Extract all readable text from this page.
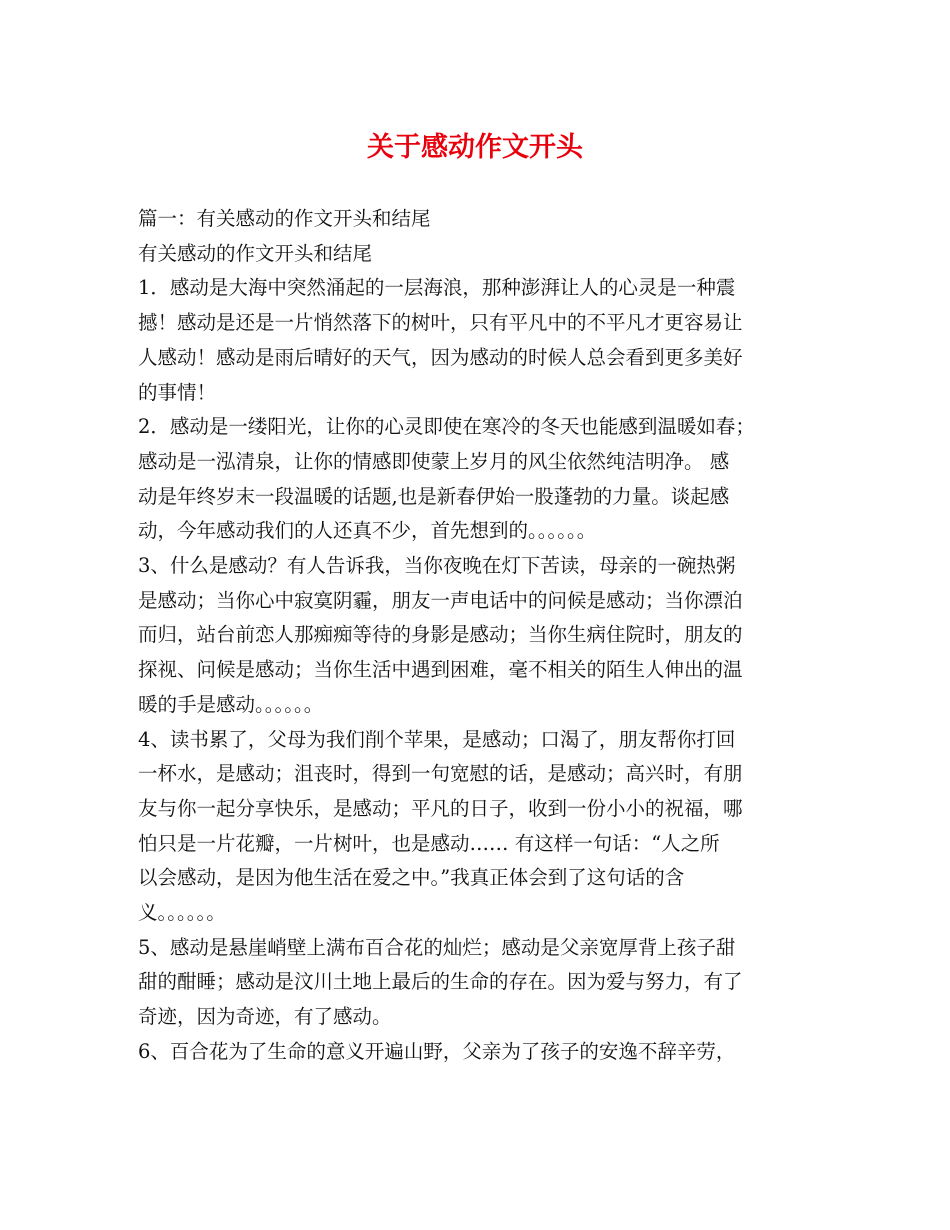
关于感动作文开头

篇一：有关感动的作文开头和结尾

有关感动的作文开头和结尾

1．感动是大海中突然涌起的一层海浪，那种澎湃让人的心灵是一种震
撼！感动是还是一片悄然落下的树叶，只有平凡中的不平凡才更容易让
人感动！感动是雨后晴好的天气，因为感动的时候人总会看到更多美好
的事情！

2．感动是一缕阳光，让你的心灵即使在寒冷的冬天也能感到温暖如春；
感动是一泓清泉，让你的情感即使蒙上岁月的风尘依然纯洁明净。 感
动是年终岁末一段温暖的话题,也是新春伊始一股蓬勃的力量。谈起感
动，今年感动我们的人还真不少，首先想到的。。。。。。

3、什么是感动？有人告诉我，当你夜晚在灯下苦读，母亲的一碗热粥
是感动；当你心中寂寞阴霾，朋友一声电话中的问候是感动；当你漂泊
而归，站台前恋人那痴痴等待的身影是感动；当你生病住院时，朋友的
探视、问候是感动；当你生活中遇到困难，毫不相关的陌生人伸出的温
暖的手是感动。。。。。。

4、读书累了，父母为我们削个苹果，是感动；口渴了，朋友帮你打回
一杯水，是感动；沮丧时，得到一句宽慰的话，是感动；高兴时，有朋
友与你一起分享快乐，是感动；平凡的日子，收到一份小小的祝福，哪
怕只是一片花瓣，一片树叶，也是感动…… 有这样一句话：“人之所
以会感动，是因为他生活在爱之中。”我真正体会到了这句话的含
义。。。。。。

5、感动是悬崖峭壁上满布百合花的灿烂；感动是父亲宽厚背上孩子甜
甜的酣睡；感动是汶川土地上最后的生命的存在。因为爱与努力，有了
奇迹，因为奇迹，有了感动。

6、百合花为了生命的意义开遍山野，父亲为了孩子的安逸不辞辛劳，
